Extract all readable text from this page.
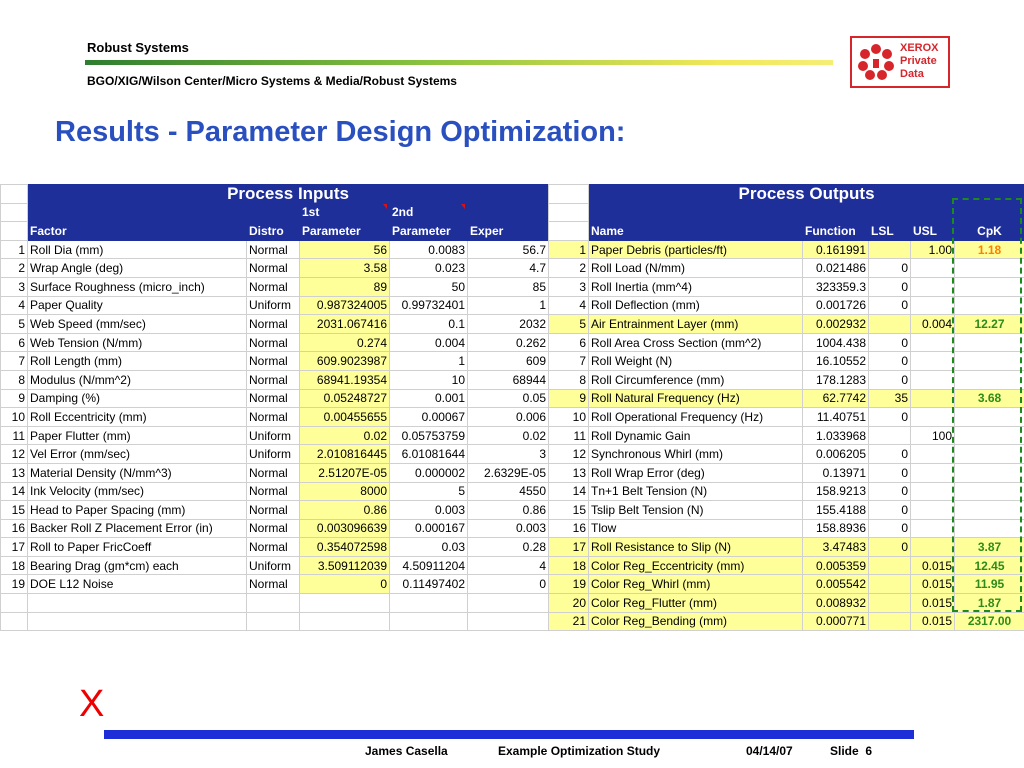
Robust Systems
BGO/XIG/Wilson Center/Micro Systems & Media/Robust Systems
XEROX
Private
Data
Results - Parameter Design Optimization:
	Process Inputs				
			1st	2nd	
	Factor	Distro	Parameter	Parameter	Exper
1	Roll Dia (mm)	Normal	56	0.0083	56.7
2	Wrap Angle (deg)	Normal	3.58	0.023	4.7
3	Surface Roughness (micro_inch)	Normal	89	50	85
4	Paper Quality	Uniform	0.987324005	0.99732401	1
5	Web Speed (mm/sec)	Normal	2031.067416	0.1	2032
6	Web Tension (N/mm)	Normal	0.274	0.004	0.262
7	Roll Length (mm)	Normal	609.9023987	1	609
8	Modulus (N/mm^2)	Normal	68941.19354	10	68944
9	Damping (%)	Normal	0.05248727	0.001	0.05
10	Roll Eccentricity (mm)	Normal	0.00455655	0.00067	0.006
11	Paper Flutter (mm)	Uniform	0.02	0.05753759	0.02
12	Vel Error (mm/sec)	Uniform	2.010816445	6.01081644	3
13	Material Density (N/mm^3)	Normal	2.51207E-05	0.000002	2.6329E-05
14	Ink Velocity (mm/sec)	Normal	8000	5	4550
15	Head to Paper Spacing (mm)	Normal	0.86	0.003	0.86
16	Backer Roll Z Placement Error (in)	Normal	0.003096639	0.000167	0.003
17	Roll to Paper FricCoeff	Normal	0.354072598	0.03	0.28
18	Bearing Drag (gm*cm) each	Uniform	3.509112039	4.50911204	4
19	DOE L12 Noise	Normal	0	0.11497402	0

	Process Outputs				

	Name	Function	LSL	USL	CpK
1	Paper Debris (particles/ft)	0.161991		1.00	1.18
2	Roll Load (N/mm)	0.021486	0		
3	Roll Inertia (mm^4)	323359.3	0		
4	Roll Deflection (mm)	0.001726	0		
5	Air Entrainment Layer (mm)	0.002932		0.004	12.27
6	Roll Area Cross Section (mm^2)	1004.438	0		
7	Roll Weight (N)	16.10552	0		
8	Roll Circumference (mm)	178.1283	0		
9	Roll Natural Frequency (Hz)	62.7742	35		3.68
10	Roll Operational Frequency (Hz)	11.40751	0		
11	Roll Dynamic Gain	1.033968		100	
12	Synchronous Whirl (mm)	0.006205	0		
13	Roll Wrap Error (deg)	0.13971	0		
14	Tn+1 Belt Tension (N)	158.9213	0		
15	Tslip Belt Tension (N)	155.4188	0		
16	Tlow	158.8936	0		
17	Roll Resistance to Slip (N)	3.47483	0		3.87
18	Color Reg_Eccentricity (mm)	0.005359		0.015	12.45
19	Color Reg_Whirl (mm)	0.005542		0.015	11.95
20	Color Reg_Flutter (mm)	0.008932		0.015	1.87
21	Color Reg_Bending (mm)	0.000771		0.015	2317.00
X
James Casella	Example Optimization Study	04/14/07	Slide  6
